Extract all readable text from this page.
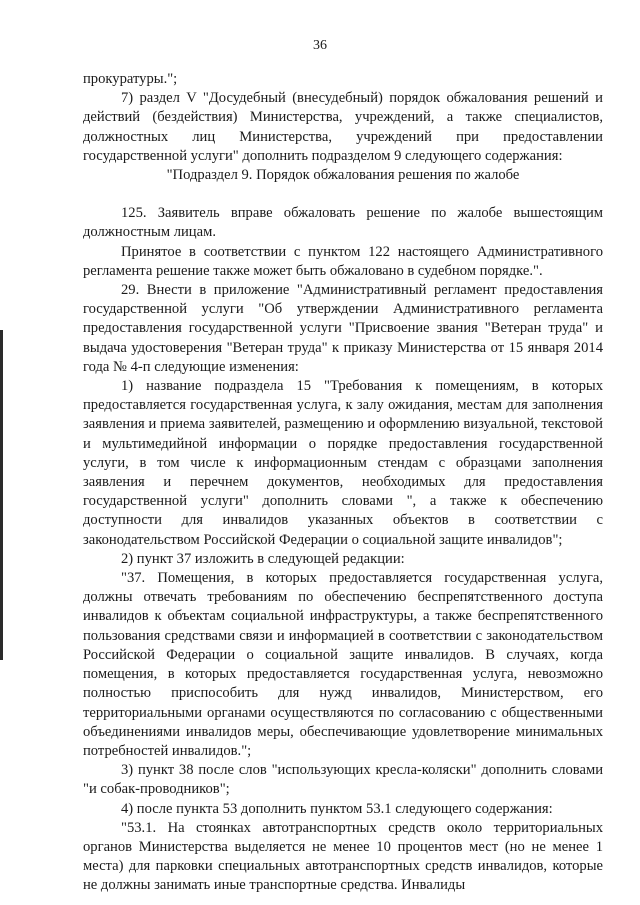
36

прокуратуры.";

7) раздел V "Досудебный (внесудебный) порядок обжалования решений и действий (бездействия) Министерства, учреждений, а также специалистов, должностных лиц Министерства, учреждений при предоставлении государственной услуги" дополнить подразделом 9 следующего содержания:

"Подраздел 9. Порядок обжалования решения по жалобе

125. Заявитель вправе обжаловать решение по жалобе вышестоящим должностным лицам.

Принятое в соответствии с пунктом 122 настоящего Административного регламента решение также может быть обжаловано в судебном порядке.".

29. Внести в приложение "Административный регламент предоставления государственной услуги "Об утверждении Административного регламента предоставления государственной услуги "Присвоение звания "Ветеран труда" и выдача удостоверения "Ветеран труда" к приказу Министерства от 15 января 2014 года № 4-п следующие изменения:

1) название подраздела 15 "Требования к помещениям, в которых предоставляется государственная услуга, к залу ожидания, местам для заполнения заявления и приема заявителей, размещению и оформлению визуальной, текстовой и мультимедийной информации о порядке предоставления государственной услуги, в том числе к информационным стендам с образцами заполнения заявления и перечнем документов, необходимых для предоставления государственной услуги" дополнить словами ", а также к обеспечению доступности для инвалидов указанных объектов в соответствии с законодательством Российской Федерации о социальной защите инвалидов";

2) пункт 37 изложить в следующей редакции:

"37. Помещения, в которых предоставляется государственная услуга, должны отвечать требованиям по обеспечению беспрепятственного доступа инвалидов к объектам социальной инфраструктуры, а также беспрепятственного пользования средствами связи и информацией в соответствии с законодательством Российской Федерации о социальной защите инвалидов. В случаях, когда помещения, в которых предоставляется государственная услуга, невозможно полностью приспособить для нужд инвалидов, Министерством, его территориальными органами осуществляются по согласованию с общественными объединениями инвалидов меры, обеспечивающие удовлетворение минимальных потребностей инвалидов.";

3) пункт 38 после слов "использующих кресла-коляски" дополнить словами "и собак-проводников";

4) после пункта 53 дополнить пунктом 53.1 следующего содержания:

"53.1. На стоянках автотранспортных средств около территориальных органов Министерства выделяется не менее 10 процентов мест (но не менее 1 места) для парковки специальных автотранспортных средств инвалидов, которые не должны занимать иные транспортные средства. Инвалиды
